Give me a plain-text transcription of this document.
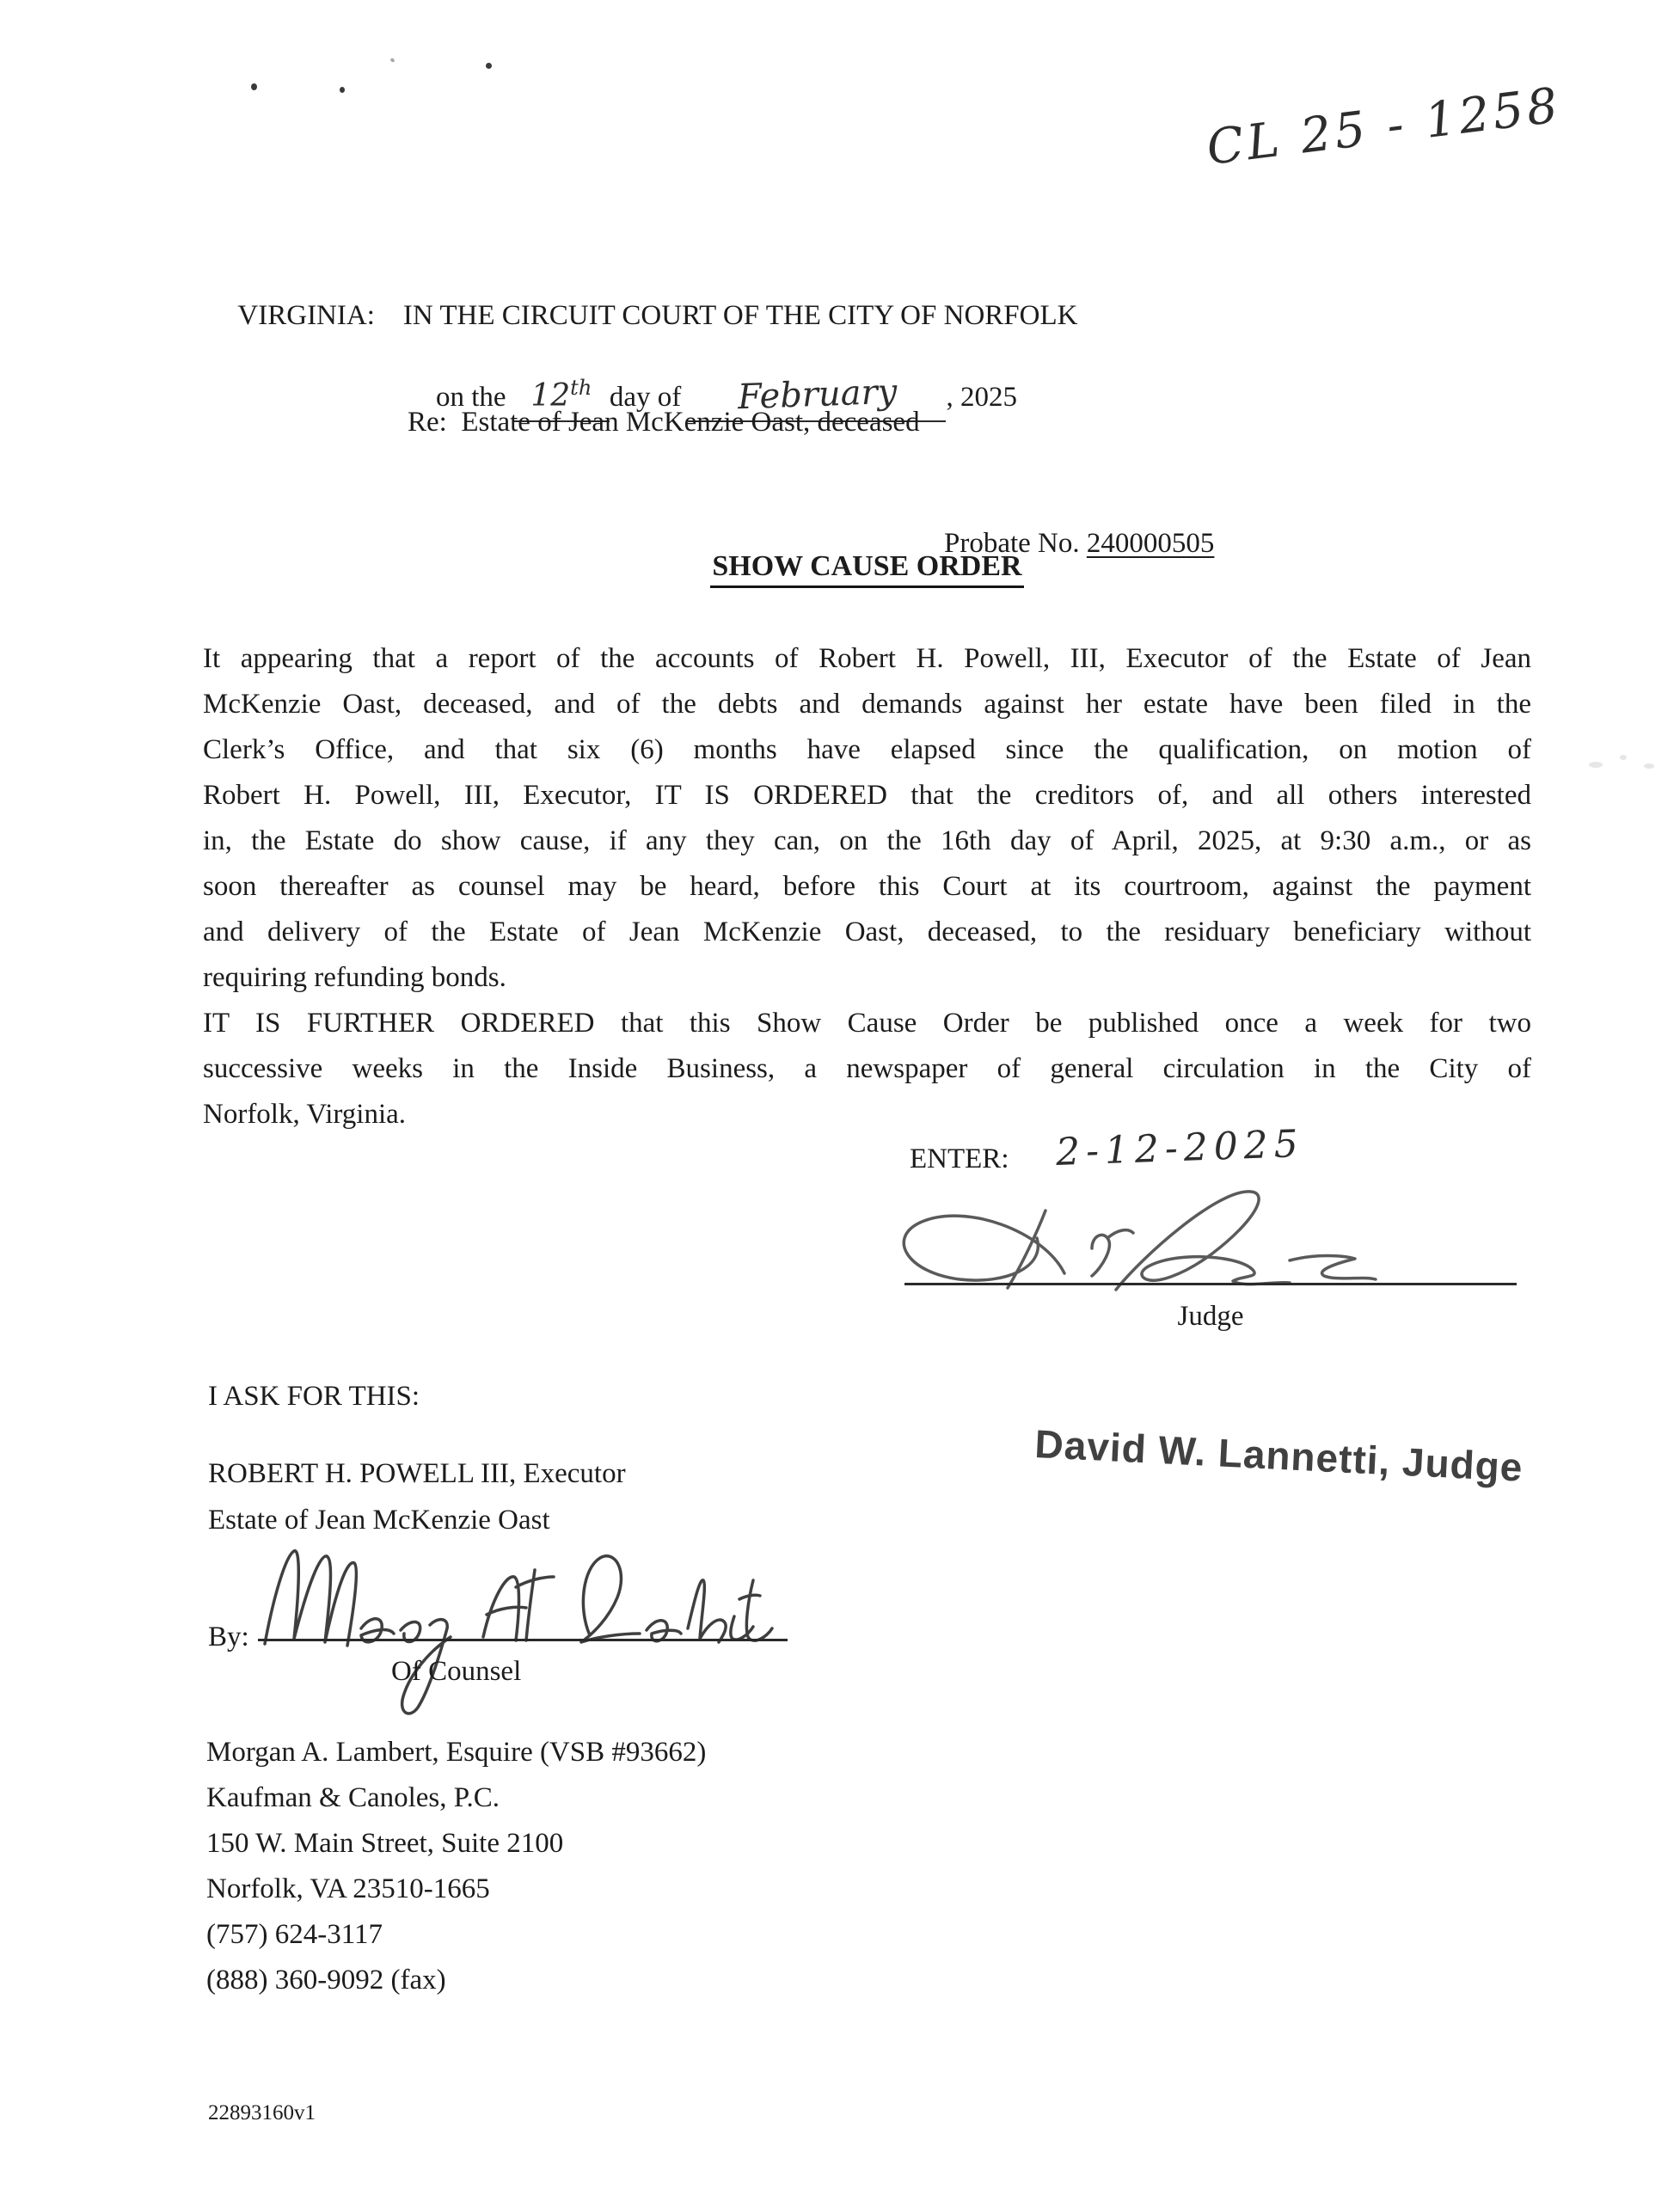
CL 25 - 1258

VIRGINIA: IN THE CIRCUIT COURT OF THE CITY OF NORFOLK

on the 12th day of February , 2025

Re:  Estate of Jean McKenzie Oast, deceased

Probate No. 240000505

SHOW CAUSE ORDER
It appearing that a report of the accounts of Robert H. Powell, III, Executor of the Estate of Jean
McKenzie Oast, deceased, and of the debts and demands against her estate have been filed in the
Clerk’s Office, and that six (6) months have elapsed since the qualification, on motion of
Robert H. Powell, III, Executor, IT IS ORDERED that the creditors of, and all others interested
in, the Estate do show cause, if any they can, on the 16th day of April, 2025, at 9:30 a.m., or as
soon thereafter as counsel may be heard, before this Court at its courtroom, against the payment
and delivery of the Estate of Jean McKenzie Oast, deceased, to the residuary beneficiary without
requiring refunding bonds.
IT IS FURTHER ORDERED that this Show Cause Order be published once a week for two
successive weeks in the Inside Business, a newspaper of general circulation in the City of
Norfolk, Virginia.
ENTER: 2-12-2025
Judge
I ASK FOR THIS:
David W. Lannetti, Judge
ROBERT H. POWELL III, Executor
Estate of Jean McKenzie Oast
By:
Of Counsel
Morgan A. Lambert, Esquire (VSB #93662)
Kaufman & Canoles, P.C.
150 W. Main Street, Suite 2100
Norfolk, VA 23510-1665
(757) 624-3117
(888) 360-9092 (fax)
22893160v1
